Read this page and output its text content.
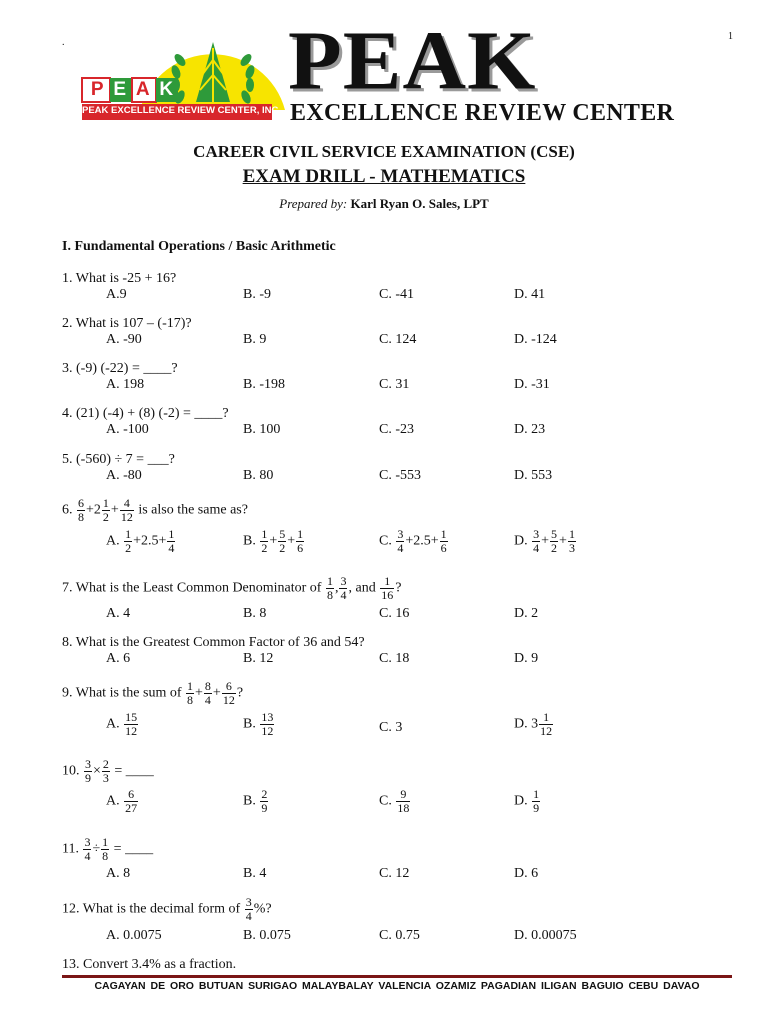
1
.
P E A K
PEAK EXCELLENCE REVIEW CENTER, INC.
PEAK
EXCELLENCE REVIEW CENTER
CAREER CIVIL SERVICE EXAMINATION (CSE)
EXAM DRILL - MATHEMATICS
Prepared by: Karl Ryan O. Sales, LPT
I. Fundamental Operations / Basic Arithmetic
1. What is -25 + 16?
A.9	B. -9	C. -41	D. 41
2. What is 107 – (-17)?
A. -90	B. 9	C. 124	D. -124
3. (-9) (-22) = ____?
A. 198	B. -198	C. 31	D. -31
4. (21) (-4) + (8) (-2) = ____?
A. -100	B. 100	C. -23	D. 23
5. (-560) ÷ 7 = ___?
A. -80	B. 80	C. -553	D. 553
6. $\frac{6}{8} +2 \frac{1}{2} + \frac{4}{12}$ is also the same as?
A. $\frac{1}{2} +2.5+ \frac{1}{4}$	B. $\frac{1}{2} + \frac{5}{2} + \frac{1}{6}$	C. $\frac{3}{4} +2.5+ \frac{1}{6}$	D. $\frac{3}{4} + \frac{5}{2} + \frac{1}{3}$
7. What is the Least Common Denominator of $\frac{1}{8}$ , $\frac{3}{4}$ , and $\frac{1}{16}$ ?
A. 4	B. 8	C. 16	D. 2
8. What is the Greatest Common Factor of 36 and 54?
A. 6	B. 12	C. 18	D. 9
9. What is the sum of $\frac{1}{8} + \frac{8}{4} + \frac{6}{12}$ ?
A. $\frac{15}{12}$	B. $\frac{13}{12}$	C. 3	D. $3 \frac{1}{12}$
10. $\frac{3}{9} \times \frac{2}{3}$ = ____
A. $\frac{6}{27}$	B. $\frac{2}{9}$	C. $\frac{9}{18}$	D. $\frac{1}{9}$
11. $\frac{3}{4} \div \frac{1}{8}$ = ____
A. 8	B. 4	C. 12	D. 6
12. What is the decimal form of $\frac{3}{4}$ %?
A. 0.0075	B. 0.075	C. 0.75	D. 0.00075
13. Convert 3.4% as a fraction.
CAGAYAN DE ORO BUTUAN SURIGAO MALAYBALAY VALENCIA OZAMIZ PAGADIAN ILIGAN BAGUIO CEBU DAVAO
